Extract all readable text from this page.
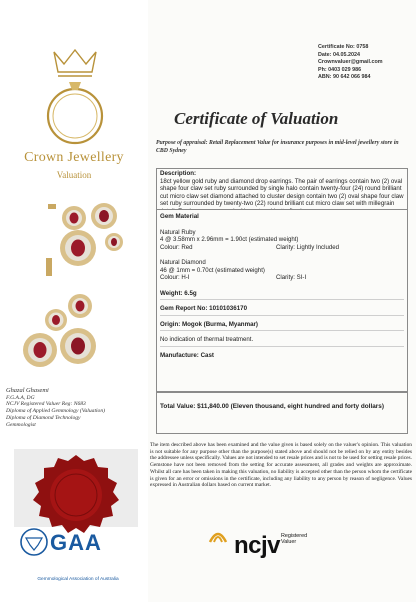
Crown Jewellery
Valuation
Ghazal Ghasemi
F.G.A.A, DG
NCJV Registered Valuer Reg: N683
Diploma of Applied Gemmology (Valuation)
Diploma of Diamond Technology
Gemmologist
GAA
Gemmological Association of Australia
Certificate No: 0758
Date: 04.05.2024
Crownvaluer@gmail.com
Ph: 0403 029 986
ABN: 90 642 066 984
Certificate of Valuation
Purpose of appraisal: Retail Replacement Value for insurance purposes in mid-level jewellery store in CBD Sydney
Description:
18ct yellow gold ruby and diamond drop earrings. The pair of earrings contain two (2) oval shape four claw set ruby surrounded by single halo contain twenty-four (24) round brilliant cut micro claw set diamond attached to cluster design contain two (2) oval shape four claw set ruby surrounded by twenty-two (22) round brilliant cut micro claw set with millegrain
Gem Material
Natural Ruby
4 @ 3.58mm x 2.96mm = 1.90ct (estimated weight)
Colour: Red	Clarity: Lightly Included
Natural Diamond
46 @ 1mm = 0.70ct (estimated weight)
Colour: H-I	Clarity: SI-I
Weight: 6.5g
Gem Report No: 10101036170
Origin: Mogok (Burma, Myanmar)
No indication of thermal treatment.
Manufacture: Cast
Total Value: $11,840.00 (Eleven thousand, eight hundred and forty dollars)
The item described above has been examined and the value given is based solely on the valuer's opinion. This valuation is not suitable for any purpose other than the purpose(s) stated above and should not be relied on by any entity besides the addressee unless specifically. Values are not intended to set resale prices and is not to be used for setting resale prices. Gemstone have not been removed from the setting for accurate assessment, all grades and weights are approximate. Whilst all care has been taken in making this valuation, no liability is accepted other than the person whom the certificate is given for an error or omissions in the certificate, including any liability to any person by reason of negligence. Values expressed in Australian dollars based on current market.
ncjv Registered
Valuer
